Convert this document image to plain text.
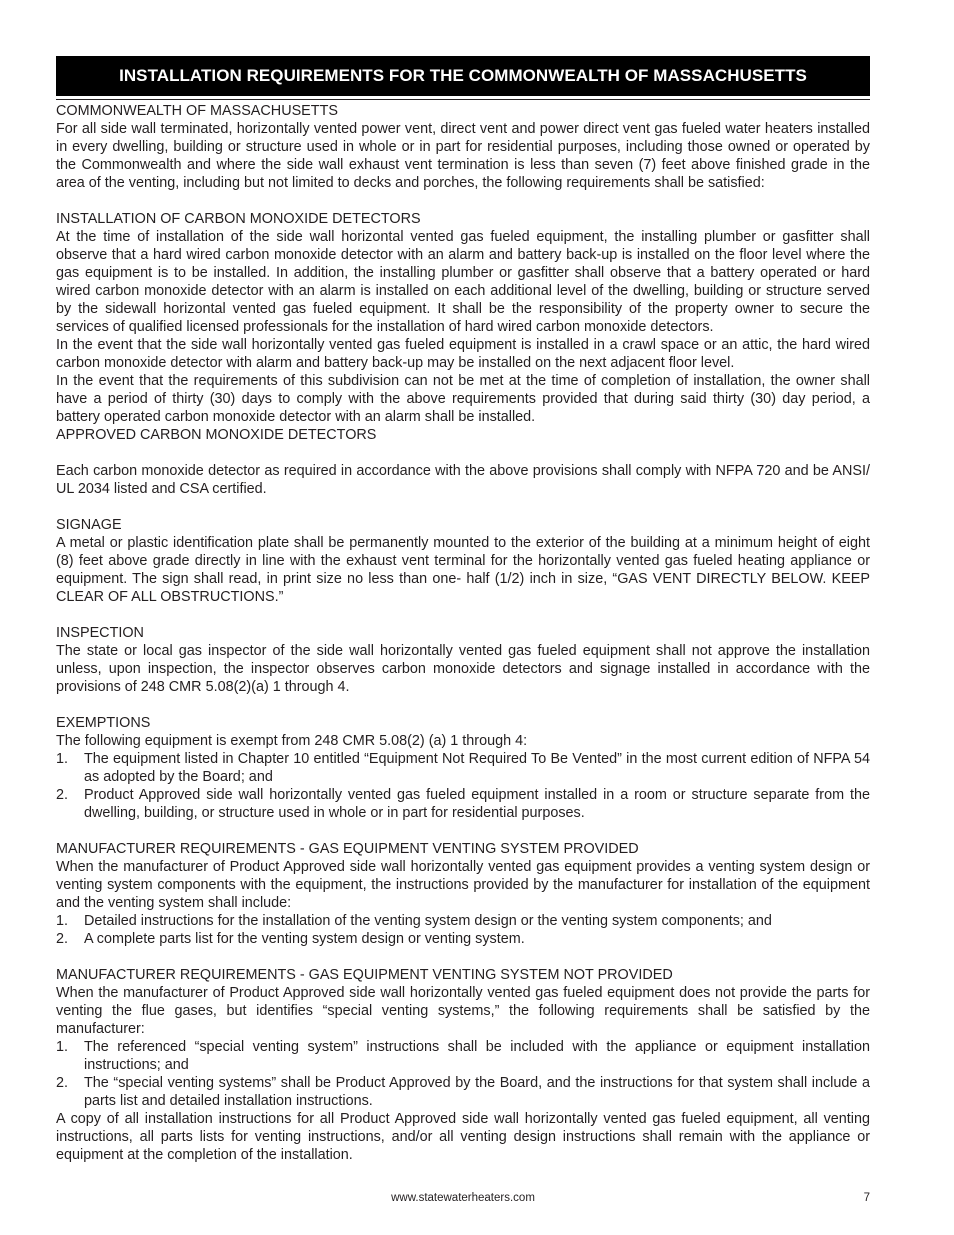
INSTALLATION REQUIREMENTS FOR THE COMMONWEALTH OF MASSACHUSETTS

COMMONWEALTH OF MASSACHUSETTS

For all side wall terminated, horizontally vented power vent, direct vent and power direct vent gas fueled water heaters installed in every dwelling, building or structure used in whole or in part for residential purposes, including those owned or operated by the Commonwealth and where the side wall exhaust vent termination is less than seven (7) feet above finished grade in the area of the venting, including but not limited to decks and porches, the following requirements shall be satisfied:

INSTALLATION OF CARBON MONOXIDE DETECTORS

At the time of installation of the side wall horizontal vented gas fueled equipment, the installing plumber or gasfitter shall observe that a hard wired carbon monoxide detector with an alarm and battery back-up is installed on the floor level where the gas equipment is to be installed. In addition, the installing plumber or gasfitter shall observe that a battery operated or hard wired carbon monoxide detector with an alarm is installed on each additional level of the dwelling, building or structure served by the sidewall horizontal vented gas fueled equipment. It shall be the responsibility of the property owner to secure the services of qualified licensed professionals for the installation of hard wired carbon monoxide detectors.

In the event that the side wall horizontally vented gas fueled equipment is installed in a crawl space or an attic, the hard wired carbon monoxide detector with alarm and battery back-up may be installed on the next adjacent floor level.

In the event that the requirements of this subdivision can not be met at the time of completion of installation, the owner shall have a period of thirty (30) days to comply with the above requirements provided that during said thirty (30) day period, a battery operated carbon monoxide detector with an alarm shall be installed.

APPROVED CARBON MONOXIDE DETECTORS

Each carbon monoxide detector as required in accordance with the above provisions shall comply with NFPA 720 and be ANSI/ UL 2034 listed and CSA certified.

SIGNAGE

A metal or plastic identification plate shall be permanently mounted to the exterior of the building at a minimum height of eight (8) feet above grade directly in line with the exhaust vent terminal for the horizontally vented gas fueled heating appliance or equipment. The sign shall read, in print size no less than one- half (1/2) inch in size, “GAS VENT DIRECTLY BELOW. KEEP CLEAR OF ALL OBSTRUCTIONS.”

INSPECTION

The state or local gas inspector of the side wall horizontally vented gas fueled equipment shall not approve the installation unless, upon inspection, the inspector observes carbon monoxide detectors and signage installed in accordance with the provisions of 248 CMR 5.08(2)(a) 1 through 4.

EXEMPTIONS

The following equipment is exempt from 248 CMR 5.08(2) (a) 1 through 4:

1. The equipment listed in Chapter 10 entitled “Equipment Not Required To Be Vented” in the most current edition of NFPA 54 as adopted by the Board; and
2. Product Approved side wall horizontally vented gas fueled equipment installed in a room or structure separate from the dwelling, building, or structure used in whole or in part for residential purposes.

MANUFACTURER REQUIREMENTS - GAS EQUIPMENT VENTING SYSTEM PROVIDED

When the manufacturer of Product Approved side wall horizontally vented gas equipment provides a venting system design or venting system components with the equipment, the instructions provided by the manufacturer for installation of the equipment and the venting system shall include:

1. Detailed instructions for the installation of the venting system design or the venting system components; and
2. A complete parts list for the venting system design or venting system.

MANUFACTURER REQUIREMENTS - GAS EQUIPMENT VENTING SYSTEM NOT PROVIDED

When the manufacturer of Product Approved side wall horizontally vented gas fueled equipment does not provide the parts for venting the flue gases, but identifies “special venting systems,” the following requirements shall be satisfied by the manufacturer:

1. The referenced “special venting system” instructions shall be included with the appliance or equipment installation instructions; and
2. The “special venting systems” shall be Product Approved by the Board, and the instructions for that system shall include a parts list and detailed installation instructions.

A copy of all installation instructions for all Product Approved side wall horizontally vented gas fueled equipment, all venting instructions, all parts lists for venting instructions, and/or all venting design instructions shall remain with the appliance or equipment at the completion of the installation.

www.statewaterheaters.com	7
